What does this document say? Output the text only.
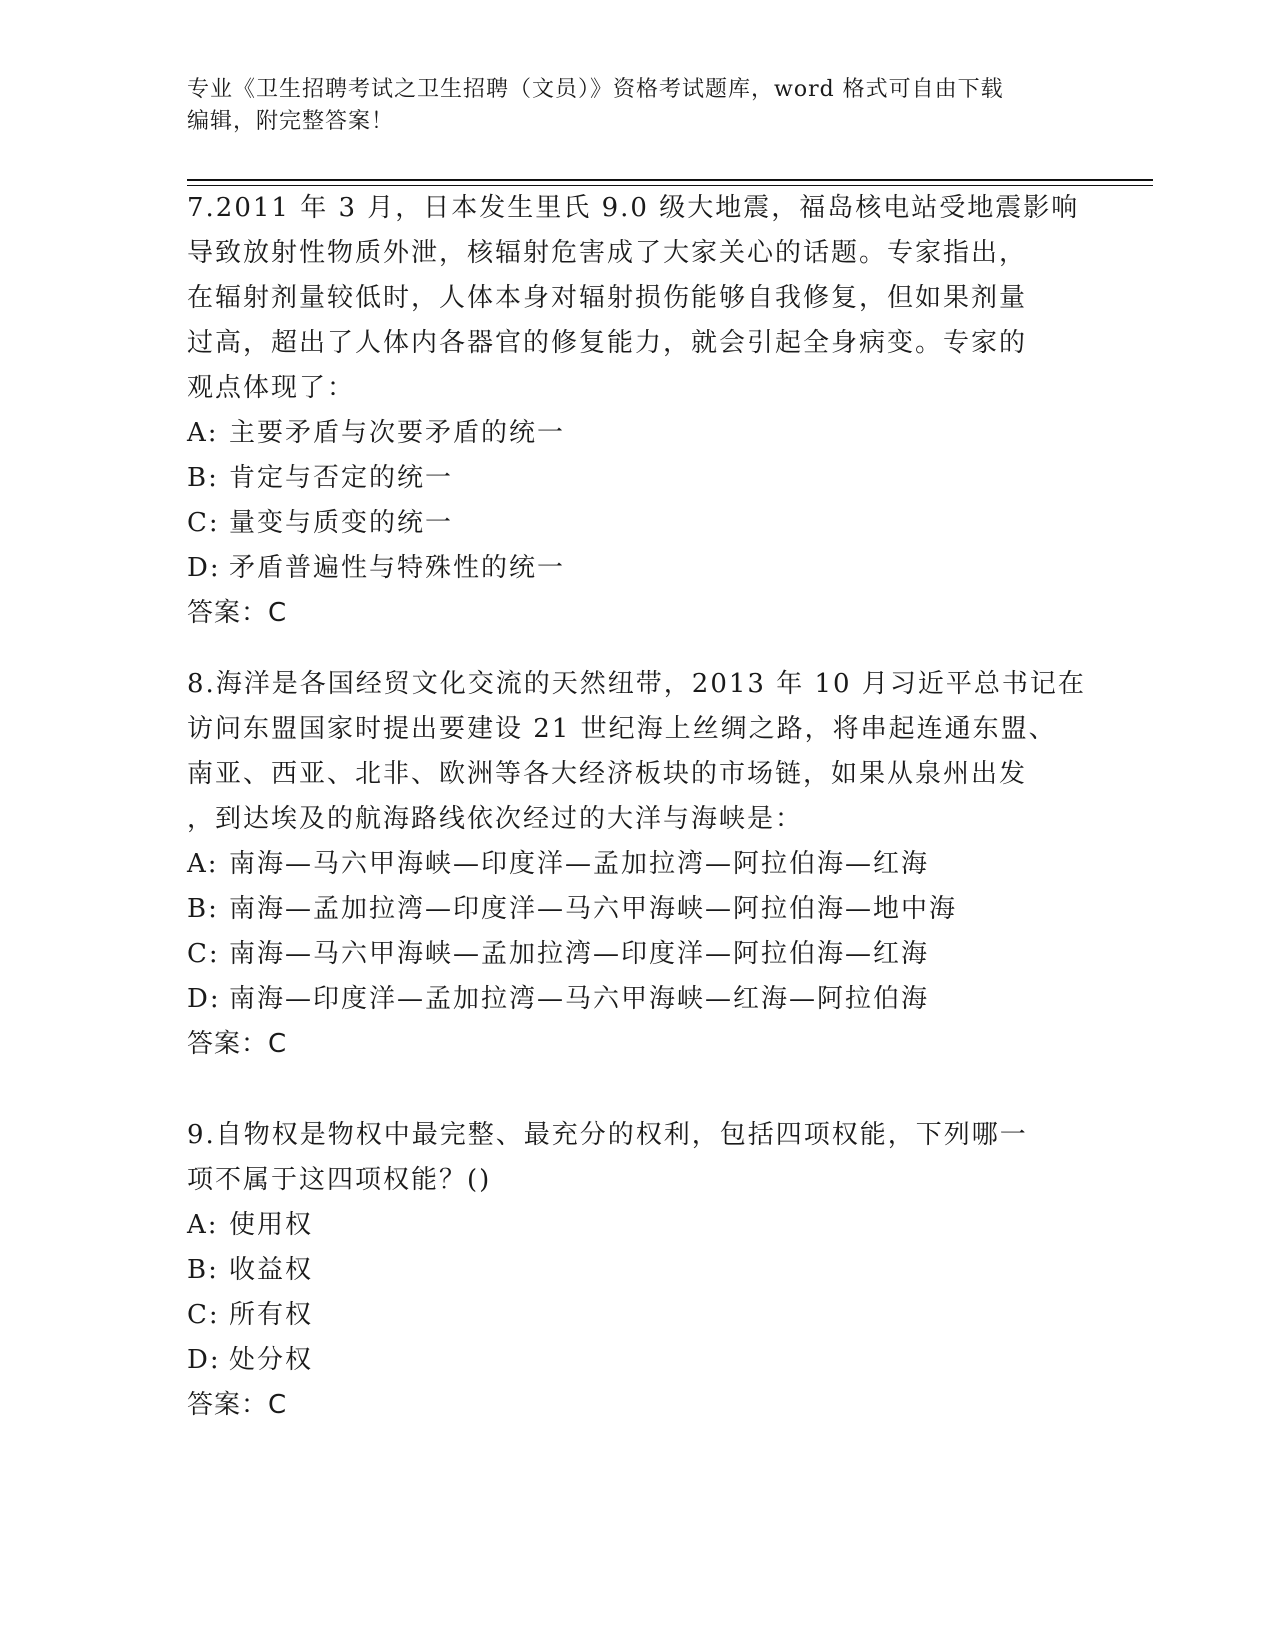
专业《卫生招聘考试之卫生招聘（文员）》资格考试题库，word 格式可自由下载
编辑，附完整答案！

7.2011 年 3 月，日本发生里氏 9.0 级大地震，福岛核电站受地震影响

导致放射性物质外泄，核辐射危害成了大家关心的话题。专家指出，

在辐射剂量较低时，人体本身对辐射损伤能够自我修复，但如果剂量

过高，超出了人体内各器官的修复能力，就会引起全身病变。专家的

观点体现了：

A: 主要矛盾与次要矛盾的统一

B: 肯定与否定的统一

C: 量变与质变的统一

D: 矛盾普遍性与特殊性的统一

答案：C

8.海洋是各国经贸文化交流的天然纽带，2013 年 10 月习近平总书记在

访问东盟国家时提出要建设 21 世纪海上丝绸之路，将串起连通东盟、

南亚、西亚、北非、欧洲等各大经济板块的市场链，如果从泉州出发

，到达埃及的航海路线依次经过的大洋与海峡是：

A: 南海—马六甲海峡—印度洋—孟加拉湾—阿拉伯海—红海

B: 南海—孟加拉湾—印度洋—马六甲海峡—阿拉伯海—地中海

C: 南海—马六甲海峡—孟加拉湾—印度洋—阿拉伯海—红海

D: 南海—印度洋—孟加拉湾—马六甲海峡—红海—阿拉伯海

答案：C

9.自物权是物权中最完整、最充分的权利，包括四项权能，下列哪一

项不属于这四项权能？()

A: 使用权

B: 收益权

C: 所有权

D: 处分权

答案：C
